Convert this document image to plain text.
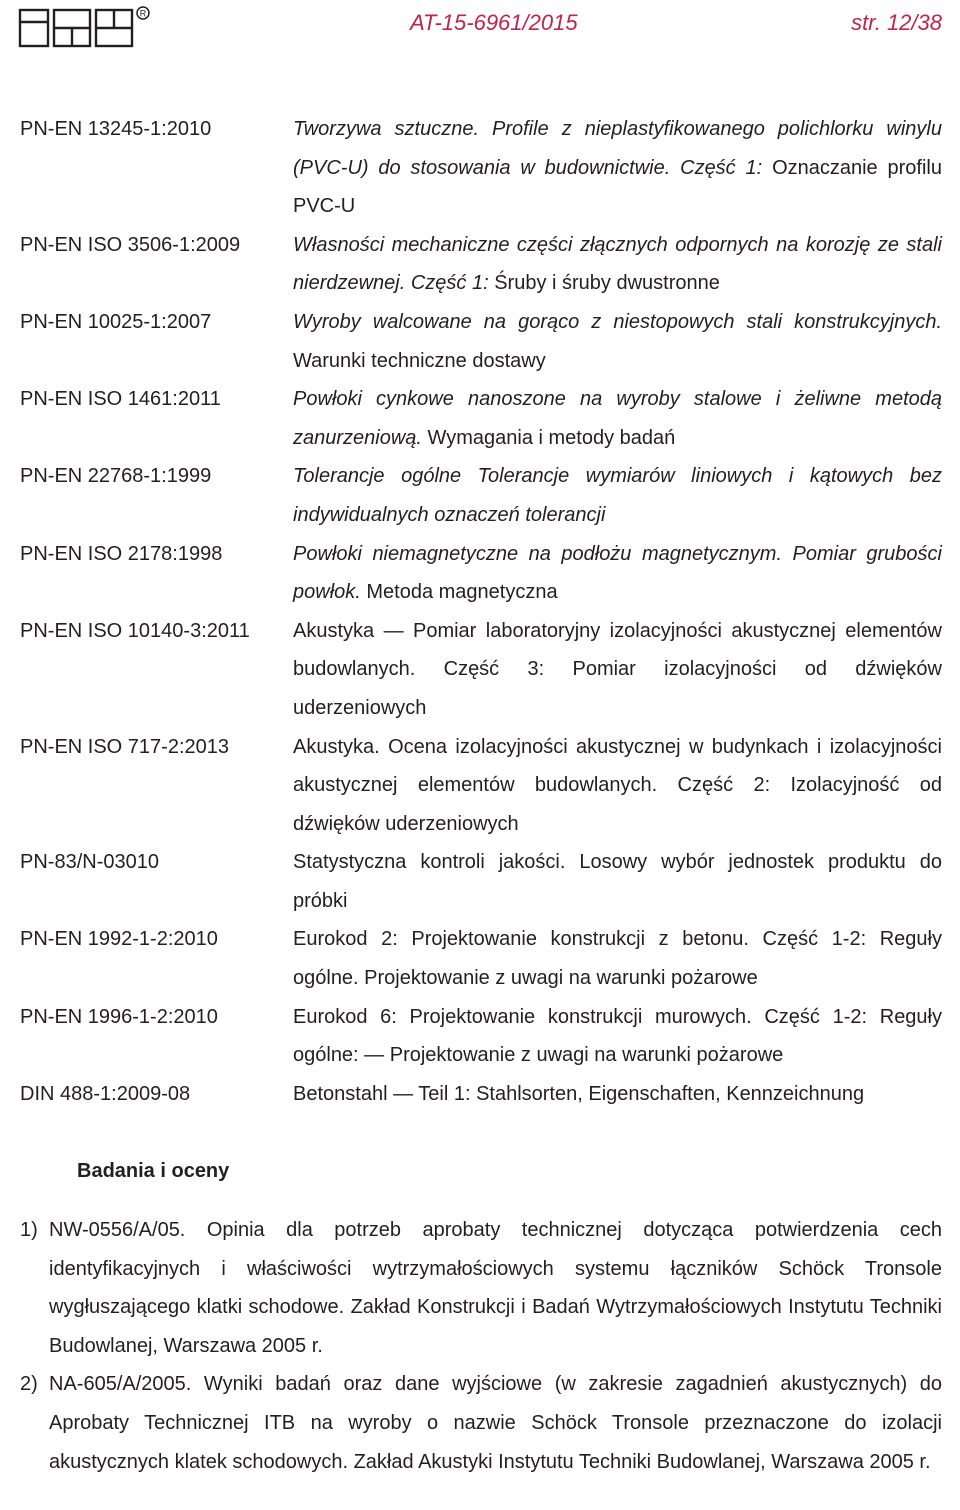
R	AT-15-6961/2015	str. 12/38
PN-EN 13245-1:2010	Tworzywa sztuczne. Profile z nieplastyfikowanego polichlorku winylu (PVC-U) do stosowania w budownictwie. Część 1: Oznaczanie profilu PVC-U
PN-EN ISO 3506-1:2009	Własności mechaniczne części złącznych odpornych na korozję ze stali nierdzewnej. Część 1: Śruby i śruby dwustronne
PN-EN 10025-1:2007	Wyroby walcowane na gorąco z niestopowych stali konstrukcyjnych. Warunki techniczne dostawy
PN-EN ISO 1461:2011	Powłoki cynkowe nanoszone na wyroby stalowe i żeliwne metodą zanurzeniową. Wymagania i metody badań
PN-EN 22768-1:1999	Tolerancje ogólne Tolerancje wymiarów liniowych i kątowych bez indywidualnych oznaczeń tolerancji
PN-EN ISO 2178:1998	Powłoki niemagnetyczne na podłożu magnetycznym. Pomiar grubości powłok. Metoda magnetyczna
PN-EN ISO 10140-3:2011	Akustyka — Pomiar laboratoryjny izolacyjności akustycznej elementów budowlanych. Część 3: Pomiar izolacyjności od dźwięków uderzeniowych
PN-EN ISO 717-2:2013	Akustyka. Ocena izolacyjności akustycznej w budynkach i izolacyjności akustycznej elementów budowlanych. Część 2: Izolacyjność od dźwięków uderzeniowych
PN-83/N-03010	Statystyczna kontroli jakości. Losowy wybór jednostek produktu do próbki
PN-EN 1992-1-2:2010	Eurokod 2: Projektowanie konstrukcji z betonu. Część 1-2: Reguły ogólne. Projektowanie z uwagi na warunki pożarowe
PN-EN 1996-1-2:2010	Eurokod 6: Projektowanie konstrukcji murowych. Część 1-2: Reguły ogólne: — Projektowanie z uwagi na warunki pożarowe
DIN 488-1:2009-08	Betonstahl — Teil 1: Stahlsorten, Eigenschaften, Kennzeichnung
Badania i oceny
1) NW-0556/A/05. Opinia dla potrzeb aprobaty technicznej dotycząca potwierdzenia cech identyfikacyjnych i właściwości wytrzymałościowych systemu łączników Schöck Tronsole wygłuszającego klatki schodowe. Zakład Konstrukcji i Badań Wytrzymałościowych Instytutu Techniki Budowlanej, Warszawa 2005 r.
2) NA-605/A/2005. Wyniki badań oraz dane wyjściowe (w zakresie zagadnień akustycznych) do Aprobaty Technicznej ITB na wyroby o nazwie Schöck Tronsole przeznaczone do izolacji akustycznych klatek schodowych. Zakład Akustyki Instytutu Techniki Budowlanej, Warszawa 2005 r.
